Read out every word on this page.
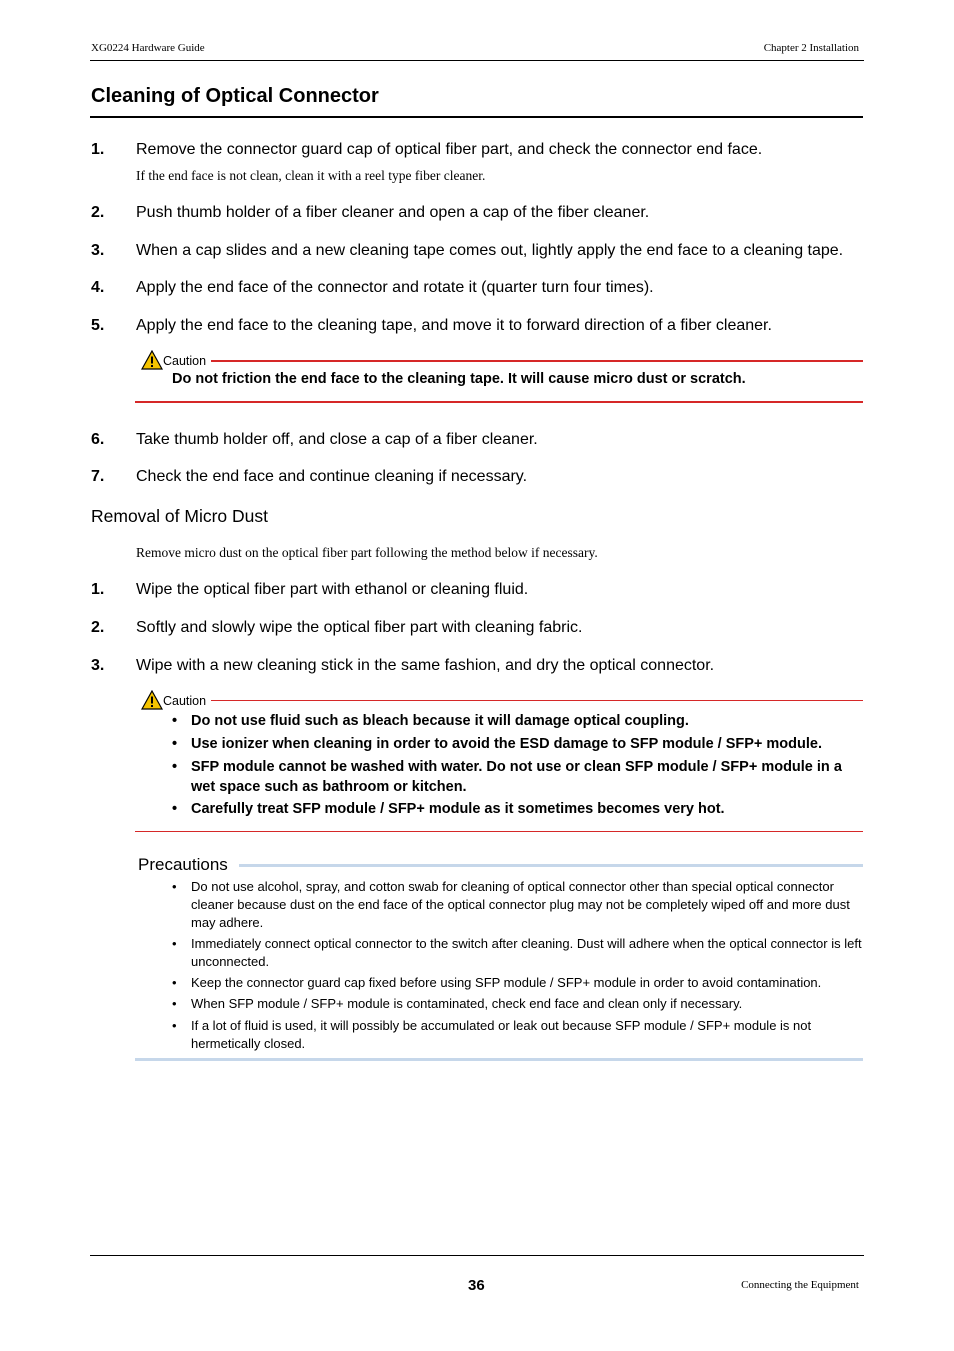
XG0224 Hardware Guide	Chapter 2 Installation
Cleaning of Optical Connector
1. Remove the connector guard cap of optical fiber part, and check the connector end face.
If the end face is not clean, clean it with a reel type fiber cleaner.
2. Push thumb holder of a fiber cleaner and open a cap of the fiber cleaner.
3. When a cap slides and a new cleaning tape comes out, lightly apply the end face to a cleaning tape.
4. Apply the end face of the connector and rotate it (quarter turn four times).
5. Apply the end face to the cleaning tape, and move it to forward direction of a fiber cleaner.
Caution
Do not friction the end face to the cleaning tape. It will cause micro dust or scratch.
6. Take thumb holder off, and close a cap of a fiber cleaner.
7. Check the end face and continue cleaning if necessary.
Removal of Micro Dust
Remove micro dust on the optical fiber part following the method below if necessary.
1. Wipe the optical fiber part with ethanol or cleaning fluid.
2. Softly and slowly wipe the optical fiber part with cleaning fabric.
3. Wipe with a new cleaning stick in the same fashion, and dry the optical connector.
Caution
• Do not use fluid such as bleach because it will damage optical coupling.
• Use ionizer when cleaning in order to avoid the ESD damage to SFP module / SFP+ module.
• SFP module cannot be washed with water. Do not use or clean SFP module / SFP+ module in a wet space such as bathroom or kitchen.
• Carefully treat SFP module / SFP+ module as it sometimes becomes very hot.
Precautions
• Do not use alcohol, spray, and cotton swab for cleaning of optical connector other than special optical connector cleaner because dust on the end face of the optical connector plug may not be completely wiped off and more dust may adhere.
• Immediately connect optical connector to the switch after cleaning. Dust will adhere when the optical connector is left unconnected.
• Keep the connector guard cap fixed before using SFP module / SFP+ module in order to avoid contamination.
• When SFP module / SFP+ module is contaminated, check end face and clean only if necessary.
• If a lot of fluid is used, it will possibly be accumulated or leak out because SFP module / SFP+ module is not hermetically closed.
36	Connecting the Equipment
